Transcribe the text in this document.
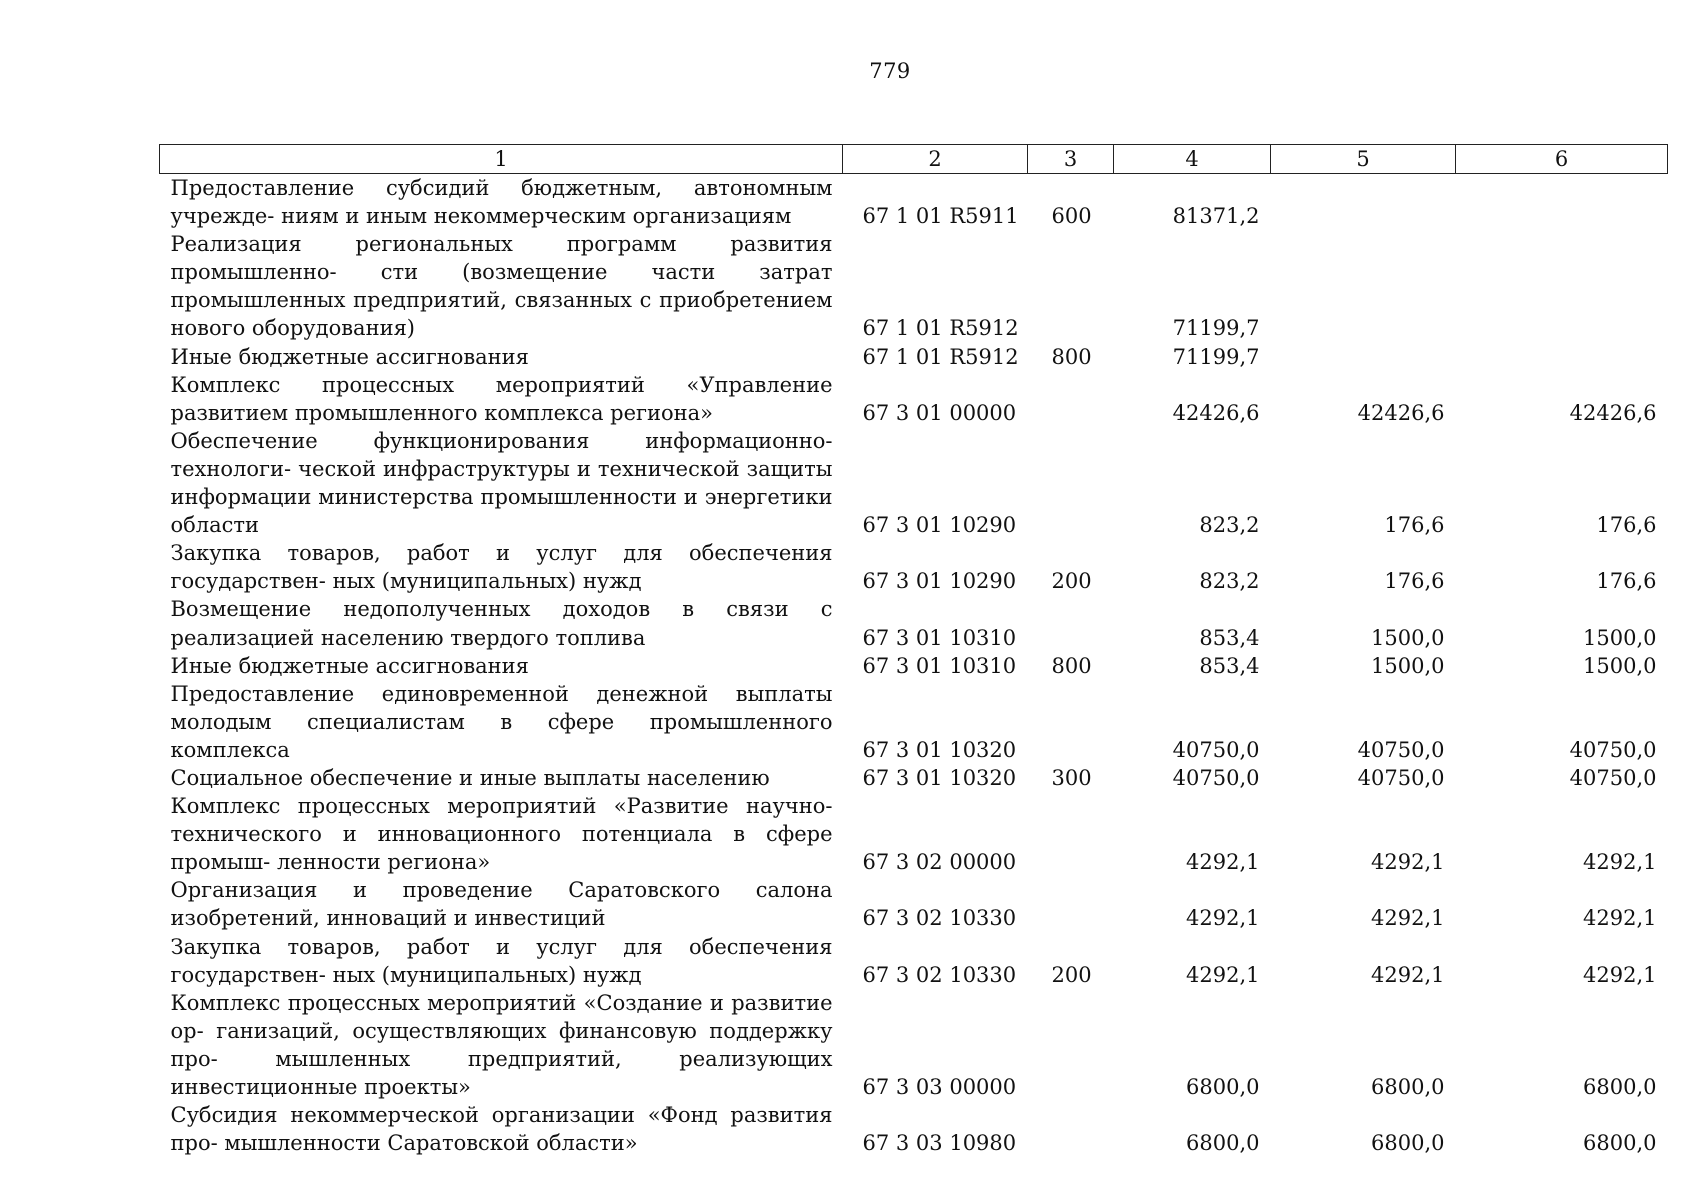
779
1	2	3	4	5	6
Предоставление субсидий бюджетным, автономным учрежде- ниям и иным некоммерческим организациям	67 1 01 R5911	600	81371,2		
Реализация региональных программ развития промышленно- сти (возмещение части затрат промышленных предприятий, связанных с приобретением нового оборудования)	67 1 01 R5912		71199,7		
Иные бюджетные ассигнования	67 1 01 R5912	800	71199,7		
Комплекс процессных мероприятий «Управление развитием промышленного комплекса региона»	67 3 01 00000		42426,6	42426,6	42426,6
Обеспечение функционирования информационно-технологи- ческой инфраструктуры и технической защиты информации министерства промышленности и энергетики области	67 3 01 10290		823,2	176,6	176,6
Закупка товаров, работ и услуг для обеспечения государствен- ных (муниципальных) нужд	67 3 01 10290	200	823,2	176,6	176,6
Возмещение недополученных доходов в связи с реализацией населению твердого топлива	67 3 01 10310		853,4	1500,0	1500,0
Иные бюджетные ассигнования	67 3 01 10310	800	853,4	1500,0	1500,0
Предоставление единовременной денежной выплаты молодым специалистам в сфере промышленного комплекса	67 3 01 10320		40750,0	40750,0	40750,0
Социальное обеспечение и иные выплаты населению	67 3 01 10320	300	40750,0	40750,0	40750,0
Комплекс процессных мероприятий «Развитие научно- технического и инновационного потенциала в сфере промыш- ленности региона»	67 3 02 00000		4292,1	4292,1	4292,1
Организация и проведение Саратовского салона изобретений, инноваций и инвестиций	67 3 02 10330		4292,1	4292,1	4292,1
Закупка товаров, работ и услуг для обеспечения государствен- ных (муниципальных) нужд	67 3 02 10330	200	4292,1	4292,1	4292,1
Комплекс процессных мероприятий «Создание и развитие ор- ганизаций, осуществляющих финансовую поддержку про- мышленных предприятий, реализующих инвестиционные проекты»	67 3 03 00000		6800,0	6800,0	6800,0
Субсидия некоммерческой организации «Фонд развития про- мышленности Саратовской области»	67 3 03 10980		6800,0	6800,0	6800,0
